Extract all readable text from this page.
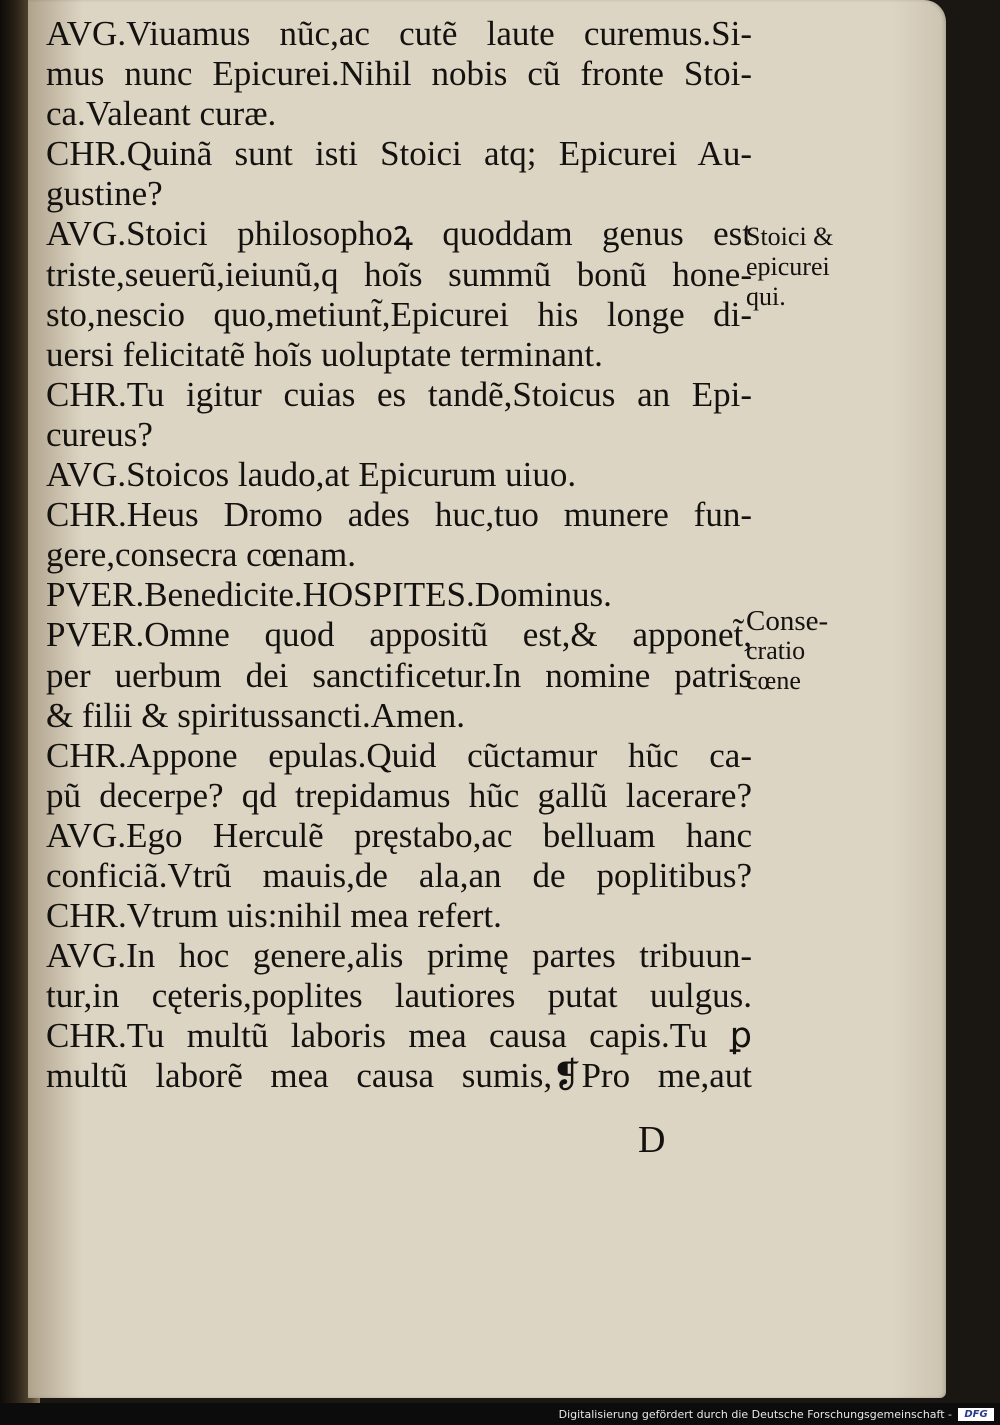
AVG.Viuamus nũc,ac cutẽ laute curemus.Si-
mus nunc Epicurei.Nihil nobis cũ fronte Stoi-
ca.Valeant curæ.
CHR.Quinã sunt isti Stoici atq; Epicurei Au-
gustine?
AVG.Stoici philosophoꝝ quoddam genus est
triste,seuerũ,ieiunũ,q hoĩs summũ bonũ hone-
sto,nescio quo,metiunt̃,Epicurei his longe di-
uersi felicitatẽ hoĩs uoluptate terminant.
CHR.Tu igitur cuias es tandẽ,Stoicus an Epi-
cureus?
AVG.Stoicos laudo,at Epicurum uiuo.
CHR.Heus Dromo ades huc,tuo munere fun-
gere,consecra cœnam.
PVER.Benedicite.HOSPITES.Dominus.
PVER.Omne quod appositũ est,& apponet̃,
per uerbum dei sanctificetur.In nomine patris
& filii & spiritussancti.Amen.
CHR.Appone epulas.Quid cũctamur hũc ca-
pũ decerpe? qd trepidamus hũc gallũ lacerare?
AVG.Ego Herculẽ pręstabo,ac belluam hanc
conficiã.Vtrũ mauis,de ala,an de poplitibus?
CHR.Vtrum uis:nihil mea refert.
AVG.In hoc genere,alis primę partes tribuun-
tur,in cęteris,poplites lautiores putat uulgus.
CHR.Tu multũ laboris mea causa capis.Tu ꝑ
multũ laborẽ mea causa sumis,❡Pro me,aut
Stoici &
epicurei
qui.
Conse-
cratio
cœne
D
Digitalisierung gefördert durch die Deutsche Forschungsgemeinschaft -	DFG
